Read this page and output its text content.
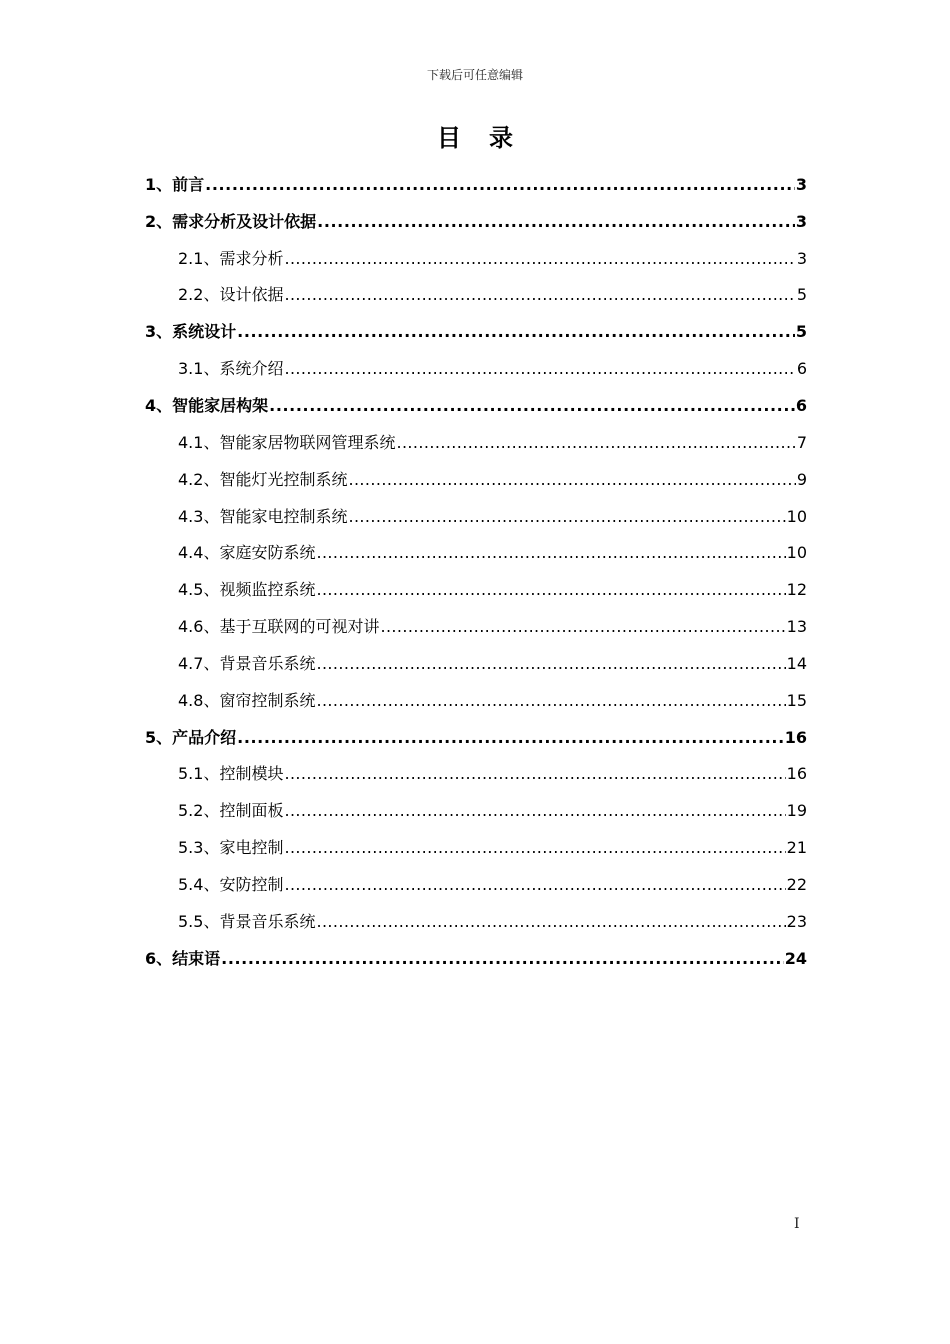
下载后可任意编辑
目录
1、前言 .....	3
2、需求分析及设计依据 .....	3
2.1、需求分析 .....	3
2.2、设计依据 .....	5
3、系统设计 .....	5
3.1、系统介绍 .....	6
4、智能家居构架 .....	6
4.1、智能家居物联网管理系统 .....	7
4.2、智能灯光控制系统 .....	9
4.3、智能家电控制系统 .....	10
4.4、家庭安防系统 .....	10
4.5、视频监控系统 .....	12
4.6、基于互联网的可视对讲 .....	13
4.7、背景音乐系统 .....	14
4.8、窗帘控制系统 .....	15
5、产品介绍 .....	16
5.1、控制模块 .....	16
5.2、控制面板 .....	19
5.3、家电控制 .....	21
5.4、安防控制 .....	22
5.5、背景音乐系统 .....	23
6、结束语 .....	24
I
